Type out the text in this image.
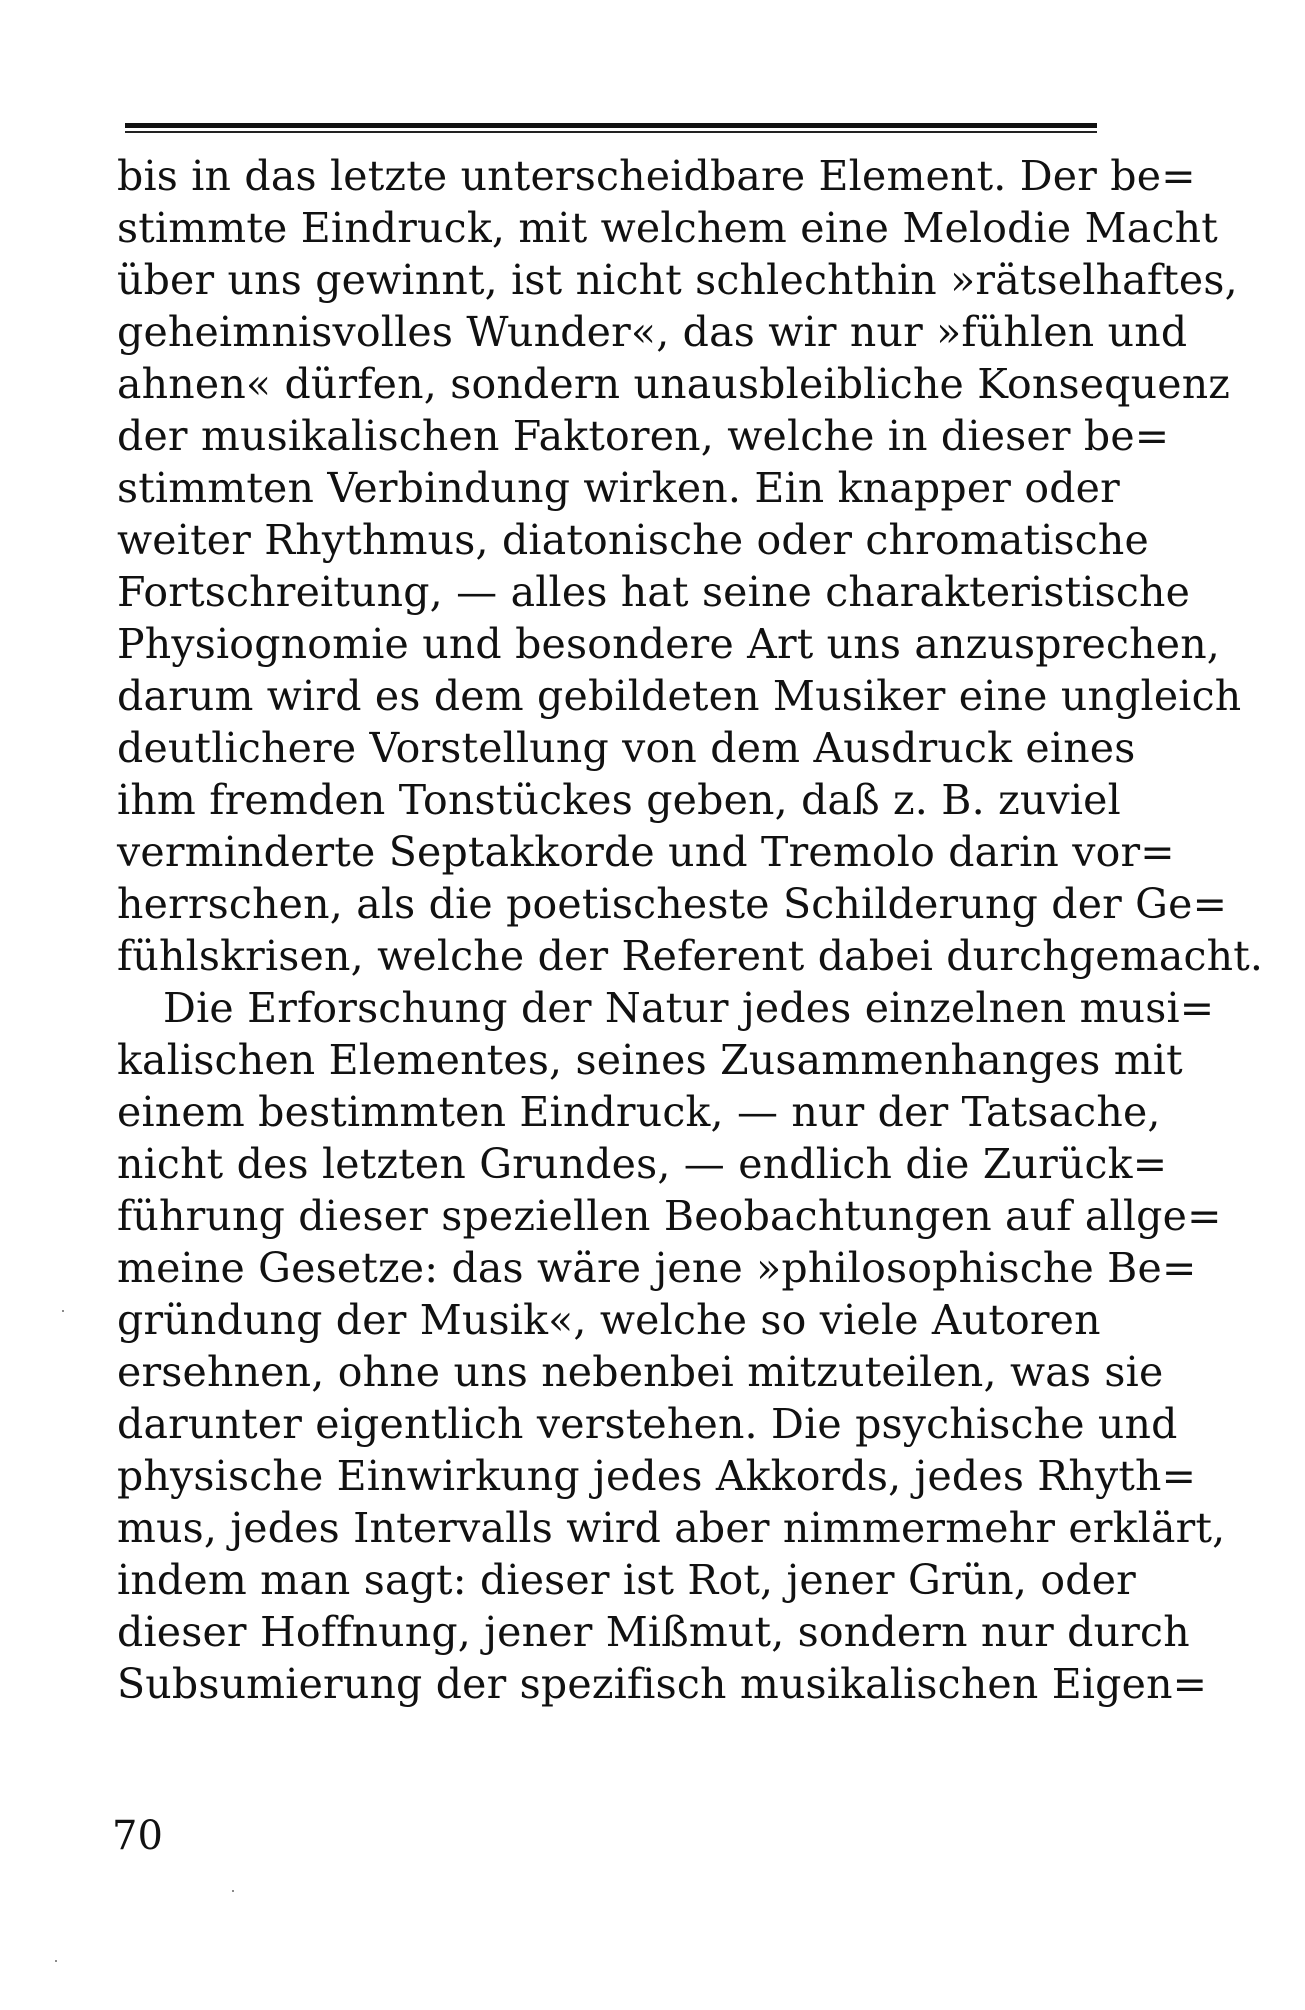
bis in das letzte unterscheidbare Element. Der be=
stimmte Eindruck, mit welchem eine Melodie Macht
über uns gewinnt, ist nicht schlechthin »rätselhaftes,
geheimnisvolles Wunder«, das wir nur »fühlen und
ahnen« dürfen, sondern unausbleibliche Konsequenz
der musikalischen Faktoren, welche in dieser be=
stimmten Verbindung wirken. Ein knapper oder
weiter Rhythmus, diatonische oder chromatische
Fortschreitung, — alles hat seine charakteristische
Physiognomie und besondere Art uns anzusprechen,
darum wird es dem gebildeten Musiker eine ungleich
deutlichere Vorstellung von dem Ausdruck eines
ihm fremden Tonstückes geben, daß z. B. zuviel
verminderte Septakkorde und Tremolo darin vor=
herrschen, als die poetischeste Schilderung der Ge=
fühlskrisen, welche der Referent dabei durchgemacht.
Die Erforschung der Natur jedes einzelnen musi=
kalischen Elementes, seines Zusammenhanges mit
einem bestimmten Eindruck, — nur der Tatsache,
nicht des letzten Grundes, — endlich die Zurück=
führung dieser speziellen Beobachtungen auf allge=
meine Gesetze: das wäre jene »philosophische Be=
gründung der Musik«, welche so viele Autoren
ersehnen, ohne uns nebenbei mitzuteilen, was sie
darunter eigentlich verstehen. Die psychische und
physische Einwirkung jedes Akkords, jedes Rhyth=
mus, jedes Intervalls wird aber nimmermehr erklärt,
indem man sagt: dieser ist Rot, jener Grün, oder
dieser Hoffnung, jener Mißmut, sondern nur durch
Subsumierung der spezifisch musikalischen Eigen=
70
